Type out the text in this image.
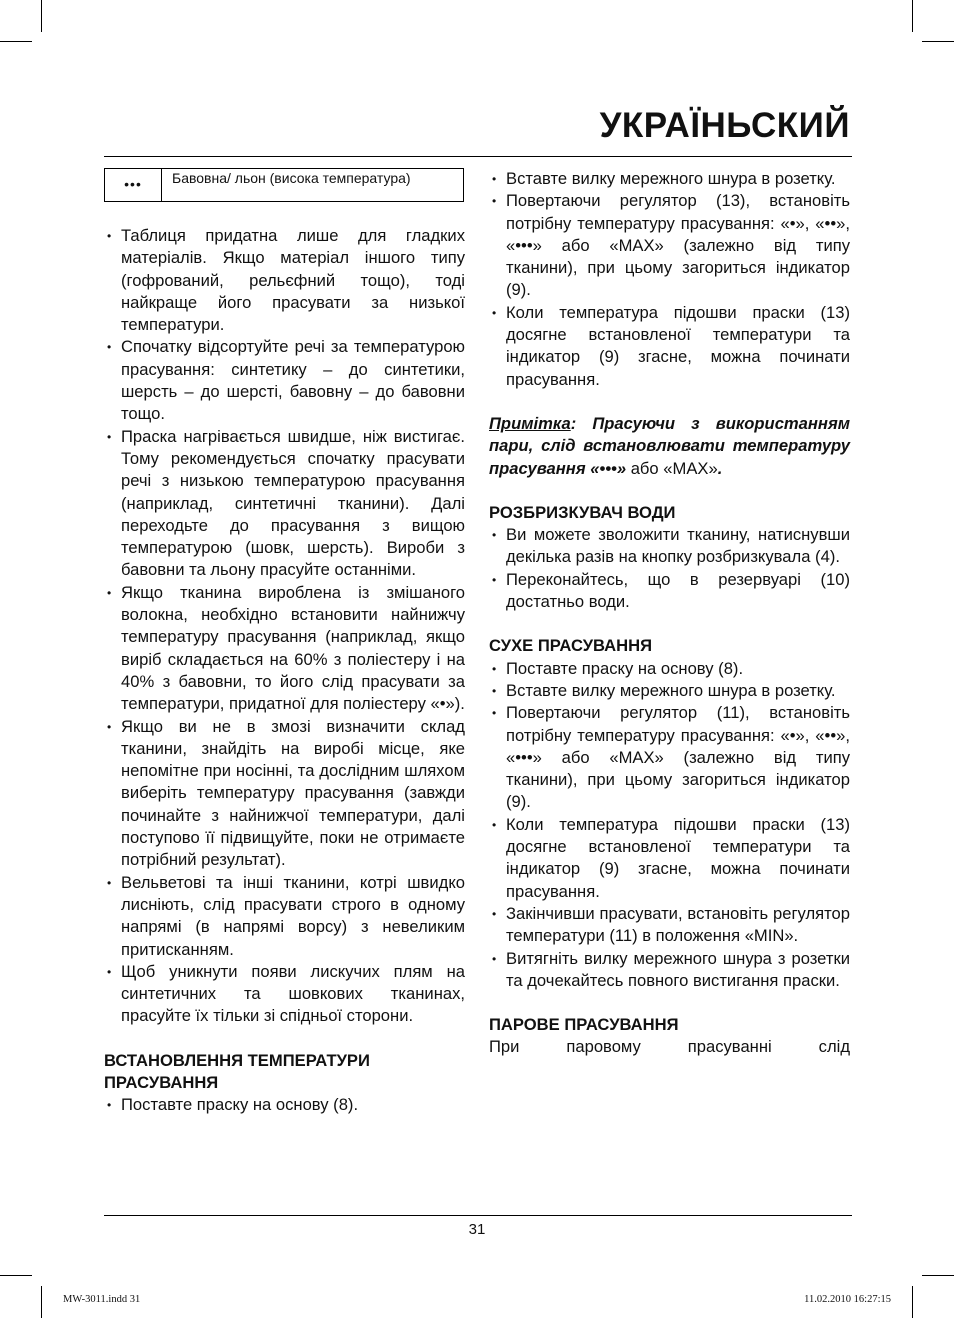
УКРАЇНЬСКИЙ
•••	Бавовна/ льон (висока температура)
• Таблиця придатна лише для гладких матеріалів. Якщо матеріал іншого типу (гофрований, рельєфний тощо), тоді найкраще його прасувати за низької температури.
• Спочатку відсортуйте речі за температурою прасування: синтетику – до синтетики, шерсть – до шерсті, бавовну – до бавовни тощо.
• Праска нагрівається швидше, ніж вистигає. Тому рекомендується спочатку прасувати речі з низькою температурою прасування (наприклад, синтетичні тканини). Далі переходьте до прасування з вищою температурою (шовк, шерсть). Вироби з бавовни та льону прасуйте останніми.
• Якщо тканина вироблена із змішаного волокна, необхідно встановити найнижчу температуру прасування (наприклад, якщо виріб складається на 60% з поліестеру і на 40% з бавовни, то його слід прасувати за температури, придатної для поліестеру «•»).
• Якщо ви не в змозі визначити склад тканини, знайдіть на виробі місце, яке непомітне при носінні, та дослідним шляхом виберіть температуру прасування (завжди починайте з найнижчої температури, далі поступово її підвищуйте, поки не отримаєте потрібний результат).
• Вельветові та інші тканини, котрі швидко лисніють, слід прасувати строго в одному напрямі (в напрямі ворсу) з невеликим притисканням.
• Щоб уникнути появи лискучих плям на синтетичних та шовкових тканинах, прасуйте їх тільки зі спідньої сторони.
ВСТАНОВЛЕННЯ ТЕМПЕРАТУРИ ПРАСУВАННЯ
• Поставте праску на основу (8).
• Вставте вилку мережного шнура в розетку.
• Повертаючи регулятор (13), встановіть потрібну температуру прасування: «•», «••», «•••» або «MAX» (залежно від типу тканини), при цьому загориться індикатор (9).
• Коли температура підошви праски (13) досягне встановленої температури та індикатор (9) згасне, можна починати прасування.

Примітка: Прасуючи з використанням пари, слід встановлювати температуру прасування «•••» або «MAX».

РОЗБРИЗКУВАЧ ВОДИ
• Ви можете зволожити тканину, натиснувши декілька разів на кнопку розбризкувала (4).
• Переконайтесь, що в резервуарі (10) достатньо води.
СУХЕ ПРАСУВАННЯ
• Поставте праску на основу (8).
• Вставте вилку мережного шнура в розетку.
• Повертаючи регулятор (11), встановіть потрібну температуру прасування: «•», «••», «•••» або «MAX» (залежно від типу тканини), при цьому загориться індикатор (9).
• Коли температура підошви праски (13) досягне встановленої температури та індикатор (9) згасне, можна починати прасування.
• Закінчивши прасувати, встановіть регулятор температури (11) в положення «MIN».
• Витягніть вилку мережного шнура з розетки та дочекайтесь повного вистигання праски.
ПАРОВЕ ПРАСУВАННЯ

При паровому прасуванні слід

31
MW-3011.indd 31	11.02.2010 16:27:15
